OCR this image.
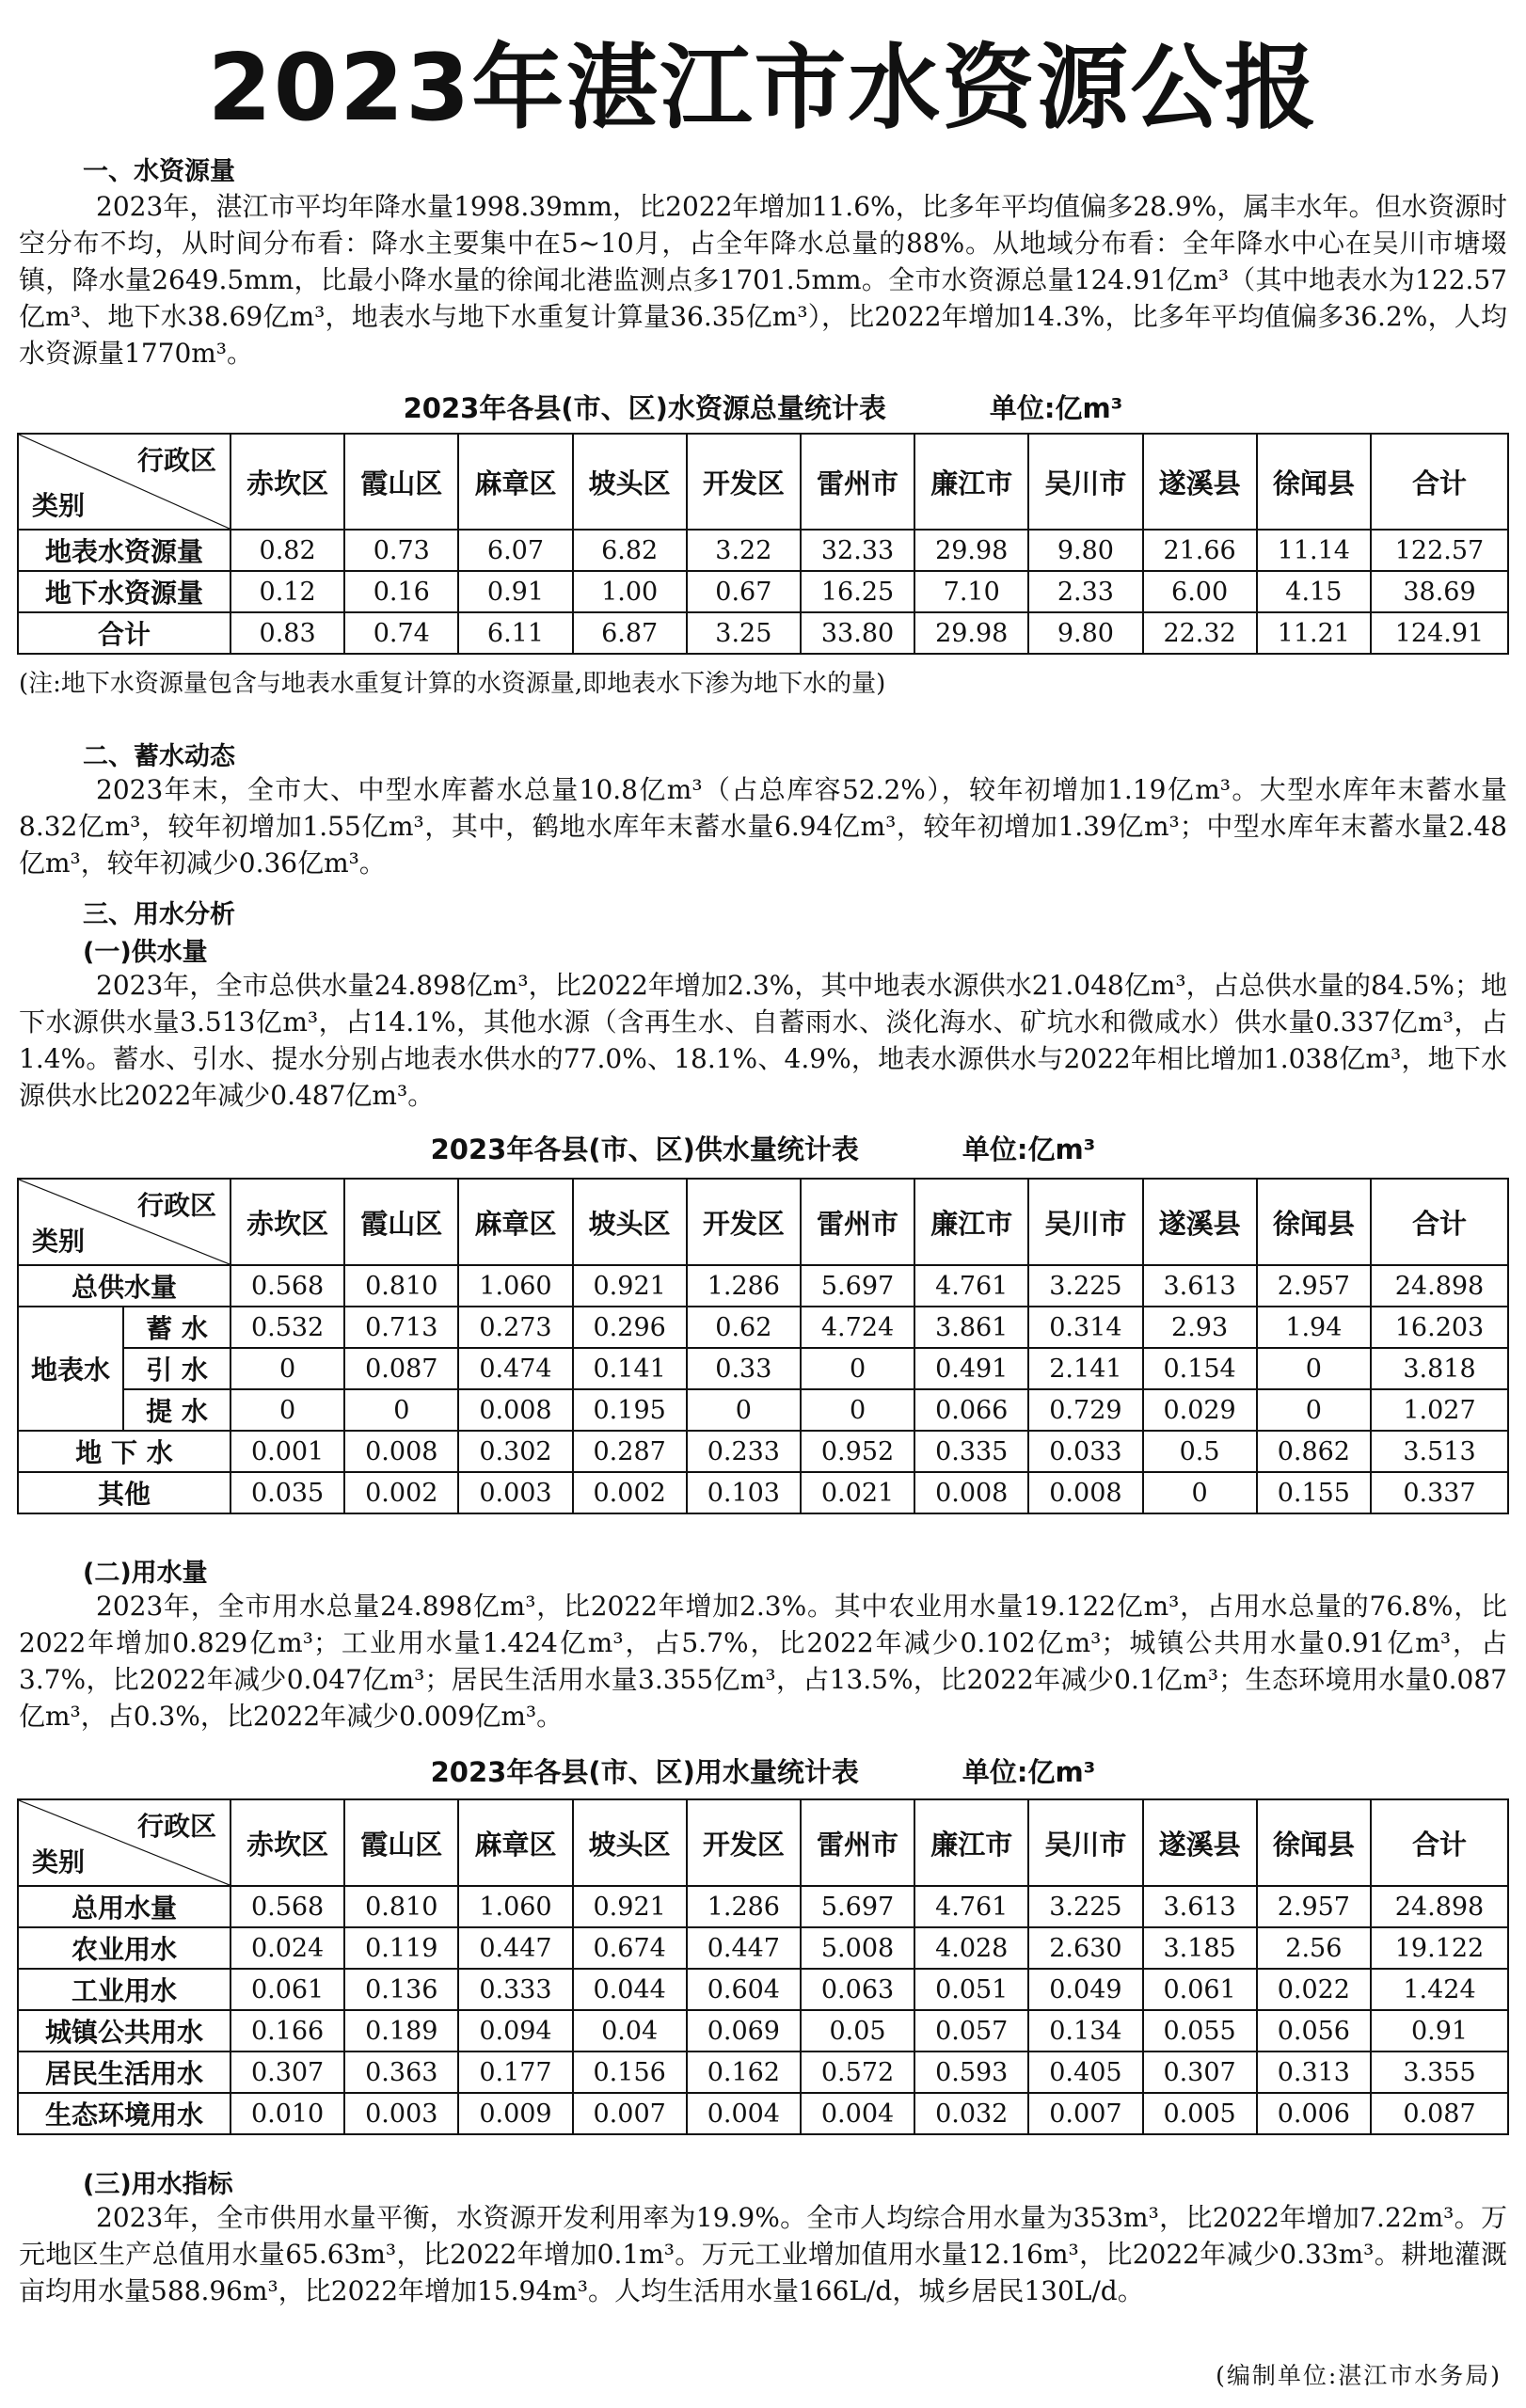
2023年湛江市水资源公报
一、水资源量
2023年，湛江市平均年降水量1998.39mm，比2022年增加11.6%，比多年平均值偏多28.9%，属丰水年。但水资源时空分布不均，从时间分布看：降水主要集中在5~10月，占全年降水总量的88%。从地域分布看：全年降水中心在吴川市塘㙍镇，降水量2649.5mm，比最小降水量的徐闻北港监测点多1701.5mm。全市水资源总量124.91亿m³（其中地表水为122.57亿m³、地下水38.69亿m³，地表水与地下水重复计算量36.35亿m³），比2022年增加14.3%，比多年平均值偏多36.2%，人均水资源量1770m³。
2023年各县(市、区)水资源总量统计表	单位:亿m³
行政区
类别	赤坎区	霞山区	麻章区	坡头区	开发区	雷州市	廉江市	吴川市	遂溪县	徐闻县	合计
地表水资源量	0.82	0.73	6.07	6.82	3.22	32.33	29.98	9.80	21.66	11.14	122.57
地下水资源量	0.12	0.16	0.91	1.00	0.67	16.25	7.10	2.33	6.00	4.15	38.69
合计	0.83	0.74	6.11	6.87	3.25	33.80	29.98	9.80	22.32	11.21	124.91
(注:地下水资源量包含与地表水重复计算的水资源量,即地表水下渗为地下水的量)
二、蓄水动态
2023年末，全市大、中型水库蓄水总量10.8亿m³（占总库容52.2%），较年初增加1.19亿m³。大型水库年末蓄水量8.32亿m³，较年初增加1.55亿m³，其中，鹤地水库年末蓄水量6.94亿m³，较年初增加1.39亿m³；中型水库年末蓄水量2.48亿m³，较年初减少0.36亿m³。
三、用水分析
(一)供水量
2023年，全市总供水量24.898亿m³，比2022年增加2.3%，其中地表水源供水21.048亿m³，占总供水量的84.5%；地下水源供水量3.513亿m³，占14.1%，其他水源（含再生水、自蓄雨水、淡化海水、矿坑水和微咸水）供水量0.337亿m³，占1.4%。蓄水、引水、提水分别占地表水供水的77.0%、18.1%、4.9%，地表水源供水与2022年相比增加1.038亿m³，地下水源供水比2022年减少0.487亿m³。
2023年各县(市、区)供水量统计表	单位:亿m³
行政区
类别		赤坎区	霞山区	麻章区	坡头区	开发区	雷州市	廉江市	吴川市	遂溪县	徐闻县	合计
总供水量		0.568	0.810	1.060	0.921	1.286	5.697	4.761	3.225	3.613	2.957	24.898
地表水	蓄 水	0.532	0.713	0.273	0.296	0.62	4.724	3.861	0.314	2.93	1.94	16.203
	引 水	0	0.087	0.474	0.141	0.33	0	0.491	2.141	0.154	0	3.818
	提 水	0	0	0.008	0.195	0	0	0.066	0.729	0.029	0	1.027
地 下 水		0.001	0.008	0.302	0.287	0.233	0.952	0.335	0.033	0.5	0.862	3.513
其他		0.035	0.002	0.003	0.002	0.103	0.021	0.008	0.008	0	0.155	0.337
(二)用水量
2023年，全市用水总量24.898亿m³，比2022年增加2.3%。其中农业用水量19.122亿m³，占用水总量的76.8%，比2022年增加0.829亿m³；工业用水量1.424亿m³，占5.7%，比2022年减少0.102亿m³；城镇公共用水量0.91亿m³，占3.7%，比2022年减少0.047亿m³；居民生活用水量3.355亿m³，占13.5%，比2022年减少0.1亿m³；生态环境用水量0.087亿m³，占0.3%，比2022年减少0.009亿m³。
2023年各县(市、区)用水量统计表	单位:亿m³
行政区
类别	赤坎区	霞山区	麻章区	坡头区	开发区	雷州市	廉江市	吴川市	遂溪县	徐闻县	合计
总用水量	0.568	0.810	1.060	0.921	1.286	5.697	4.761	3.225	3.613	2.957	24.898
农业用水	0.024	0.119	0.447	0.674	0.447	5.008	4.028	2.630	3.185	2.56	19.122
工业用水	0.061	0.136	0.333	0.044	0.604	0.063	0.051	0.049	0.061	0.022	1.424
城镇公共用水	0.166	0.189	0.094	0.04	0.069	0.05	0.057	0.134	0.055	0.056	0.91
居民生活用水	0.307	0.363	0.177	0.156	0.162	0.572	0.593	0.405	0.307	0.313	3.355
生态环境用水	0.010	0.003	0.009	0.007	0.004	0.004	0.032	0.007	0.005	0.006	0.087
(三)用水指标
2023年，全市供用水量平衡，水资源开发利用率为19.9%。全市人均综合用水量为353m³，比2022年增加7.22m³。万元地区生产总值用水量65.63m³，比2022年增加0.1m³。万元工业增加值用水量12.16m³，比2022年减少0.33m³。耕地灌溉亩均用水量588.96m³，比2022年增加15.94m³。人均生活用水量166L/d，城乡居民130L/d。
(编制单位:湛江市水务局)
